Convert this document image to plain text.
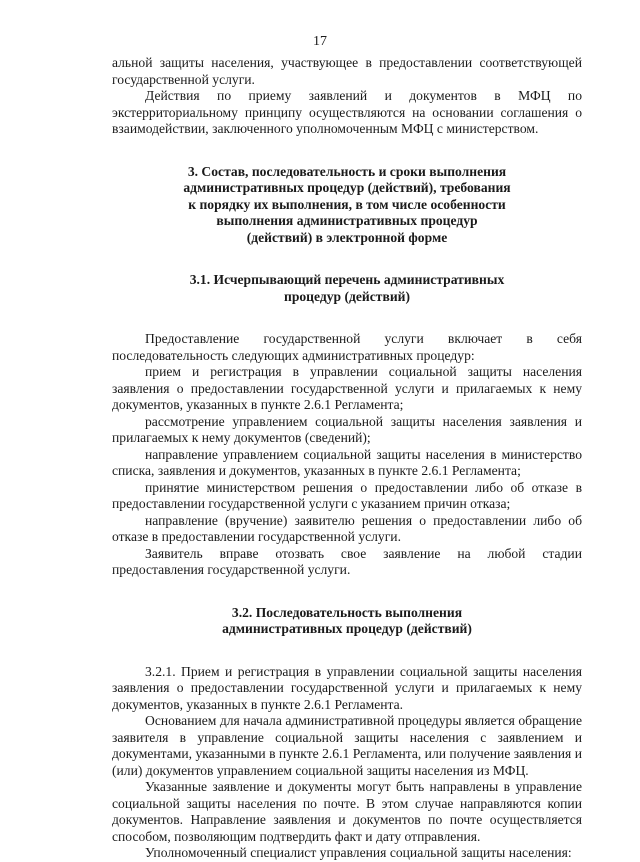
17

альной защиты населения, участвующее в предоставлении соответствующей государственной услуги.

Действия по приему заявлений и документов в МФЦ по экстерриториальному принципу осуществляются на основании соглашения о взаимодействии, заключенного уполномоченным МФЦ с министерством.

3. Состав, последовательность и сроки выполнения
административных процедур (действий), требования
к порядку их выполнения, в том числе особенности
выполнения административных процедур
(действий) в электронной форме
3.1. Исчерпывающий перечень административных
процедур (действий)

Предоставление государственной услуги включает в себя последовательность следующих административных процедур:

прием и регистрация в управлении социальной защиты населения заявления о предоставлении государственной услуги и прилагаемых к нему документов, указанных в пункте 2.6.1 Регламента;

рассмотрение управлением социальной защиты населения заявления и прилагаемых к нему документов (сведений);

направление управлением социальной защиты населения в министерство списка, заявления и документов, указанных в пункте 2.6.1 Регламента;

принятие министерством решения о предоставлении либо об отказе в предоставлении государственной услуги с указанием причин отказа;

направление (вручение) заявителю решения о предоставлении либо об отказе в предоставлении государственной услуги.

Заявитель вправе отозвать свое заявление на любой стадии предоставления государственной услуги.

3.2. Последовательность выполнения
административных процедур (действий)

3.2.1. Прием и регистрация в управлении социальной защиты населения заявления о предоставлении государственной услуги и прилагаемых к нему документов, указанных в пункте 2.6.1 Регламента.

Основанием для начала административной процедуры является обращение заявителя в управление социальной защиты населения с заявлением и документами, указанными в пункте 2.6.1 Регламента, или получение заявления и (или) документов управлением социальной защиты населения из МФЦ.

Указанные заявление и документы могут быть направлены в управление социальной защиты населения по почте. В этом случае направляются копии документов. Направление заявления и документов по почте осуществляется способом, позволяющим подтвердить факт и дату отправления.

Уполномоченный специалист управления социальной защиты населения:
